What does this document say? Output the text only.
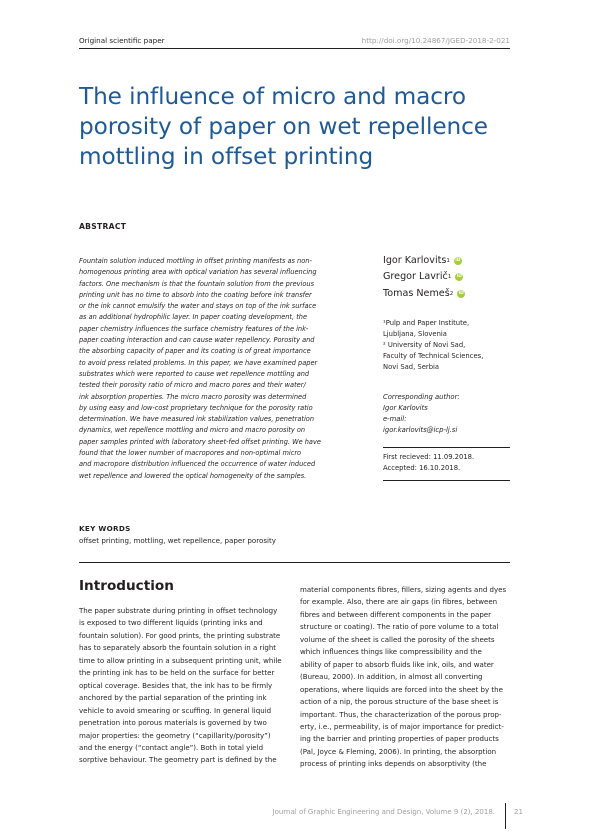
Original scientific paper	http://doi.org/10.24867/JGED-2018-2-021
The influence of micro and macro
porosity of paper on wet repellence
mottling in offset printing
ABSTRACT
Fountain solution induced mottling in offset printing manifests as non-
homogenous printing area with optical variation has several influencing
factors. One mechanism is that the fountain solution from the previous
printing unit has no time to absorb into the coating before ink transfer
or the ink cannot emulsify the water and stays on top of the ink surface
as an additional hydrophilic layer. In paper coating development, the
paper chemistry influences the surface chemistry features of the ink-
paper coating interaction and can cause water repellency. Porosity and
the absorbing capacity of paper and its coating is of great importance
to avoid press related problems. In this paper, we have examined paper
substrates which were reported to cause wet repellence mottling and
tested their porosity ratio of micro and macro pores and their water/
ink absorption properties. The micro macro porosity was determined
by using easy and low-cost proprietary technique for the porosity ratio
determination. We have measured ink stabilization values, penetration
dynamics, wet repellence mottling and micro and macro porosity on
paper samples printed with laboratory sheet-fed offset printing. We have
found that the lower number of macropores and non-optimal micro
and macropore distribution influenced the occurrence of water induced
wet repellence and lowered the optical homogeneity of the samples.
Igor Karlovits 1	iD
Gregor Lavrič 1	iD
Tomas Nemeš 2	iD
¹Pulp and Paper Institute,
Ljubljana, Slovenia
² University of Novi Sad,
Faculty of Technical Sciences,
Novi Sad, Serbia
Corresponding author:
Igor Karlovits
e-mail:
igor.karlovits@icp-lj.si
First recieved: 11.09.2018.
Accepted: 16.10.2018.
KEY WORDS
offset printing, mottling, wet repellence, paper porosity
Introduction
The paper substrate during printing in offset technology
is exposed to two different liquids (printing inks and
fountain solution). For good prints, the printing substrate
has to separately absorb the fountain solution in a right
time to allow printing in a subsequent printing unit, while
the printing ink has to be held on the surface for better
optical coverage. Besides that, the ink has to be firmly
anchored by the partial separation of the printing ink
vehicle to avoid smearing or scuffing. In general liquid
penetration into porous materials is governed by two
major properties: the geometry (“capillarity/porosity”)
and the energy (“contact angle”). Both in total yield
sorptive behaviour. The geometry part is defined by the
material components fibres, fillers, sizing agents and dyes
for example. Also, there are air gaps (in fibres, between
fibres and between different components in the paper
structure or coating). The ratio of pore volume to a total
volume of the sheet is called the porosity of the sheets
which influences things like compressibility and the
ability of paper to absorb fluids like ink, oils, and water
(Bureau, 2000). In addition, in almost all converting
operations, where liquids are forced into the sheet by the
action of a nip, the porous structure of the base sheet is
important. Thus, the characterization of the porous prop-
erty, i.e., permeability, is of major importance for predict-
ing the barrier and printing properties of paper products
(Pal, Joyce & Fleming, 2006). In printing, the absorption
process of printing inks depends on absorptivity (the
Journal of Graphic Engineering and Design, Volume 9 (2), 2018.	21
